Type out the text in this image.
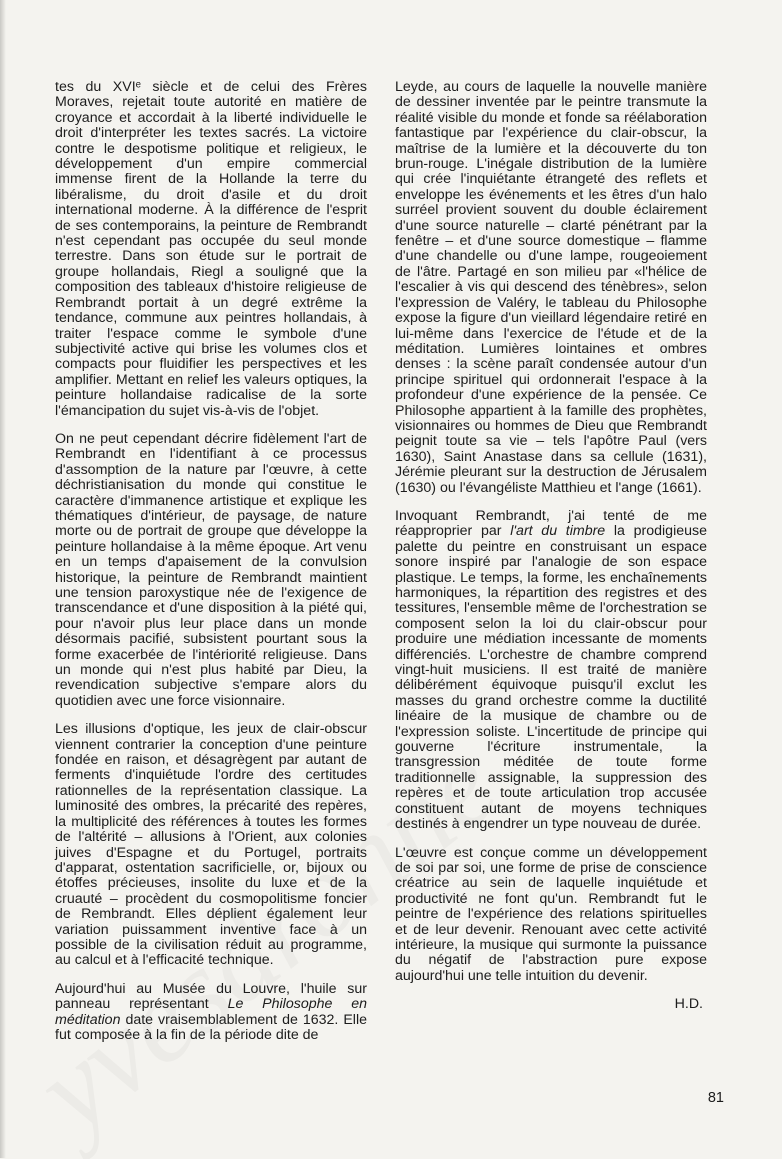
tes du XVIᵉ siècle et de celui des Frères Moraves, rejetait toute autorité en matière de croyance et accordait à la liberté individuelle le droit d'interpréter les textes sacrés. La victoire contre le despotisme politique et religieux, le développement d'un empire commercial immense firent de la Hollande la terre du libéralisme, du droit d'asile et du droit international moderne. À la différence de l'esprit de ses contemporains, la peinture de Rembrandt n'est cependant pas occupée du seul monde terrestre. Dans son étude sur le portrait de groupe hollandais, Riegl a souligné que la composition des tableaux d'histoire religieuse de Rembrandt portait à un degré extrême la tendance, commune aux peintres hollandais, à traiter l'espace comme le symbole d'une subjectivité active qui brise les volumes clos et compacts pour fluidifier les perspectives et les amplifier. Mettant en relief les valeurs optiques, la peinture hollandaise radicalise de la sorte l'émancipation du sujet vis-à-vis de l'objet.

On ne peut cependant décrire fidèlement l'art de Rembrandt en l'identifiant à ce processus d'assomption de la nature par l'œuvre, à cette déchristianisation du monde qui constitue le caractère d'immanence artistique et explique les thématiques d'intérieur, de paysage, de nature morte ou de portrait de groupe que développe la peinture hollandaise à la même époque. Art venu en un temps d'apaisement de la convulsion historique, la peinture de Rembrandt maintient une tension paroxystique née de l'exigence de transcendance et d'une disposition à la piété qui, pour n'avoir plus leur place dans un monde désormais pacifié, subsistent pourtant sous la forme exacerbée de l'intériorité religieuse. Dans un monde qui n'est plus habité par Dieu, la revendication subjective s'empare alors du quotidien avec une force visionnaire.

Les illusions d'optique, les jeux de clair-obscur viennent contrarier la conception d'une peinture fondée en raison, et désagrègent par autant de ferments d'inquiétude l'ordre des certitudes rationnelles de la représentation classique. La luminosité des ombres, la précarité des repères, la multiplicité des références à toutes les formes de l'altérité – allusions à l'Orient, aux colonies juives d'Espagne et du Portugel, portraits d'apparat, ostentation sacrificielle, or, bijoux ou étoffes précieuses, insolite du luxe et de la cruauté – procèdent du cosmopolitisme foncier de Rembrandt. Elles déplient également leur variation puissamment inventive face à un possible de la civilisation réduit au programme, au calcul et à l'efficacité technique.

Aujourd'hui au Musée du Louvre, l'huile sur panneau représentant Le Philosophe en méditation date vraisemblablement de 1632. Elle fut composée à la fin de la période dite de

Leyde, au cours de laquelle la nouvelle manière de dessiner inventée par le peintre transmute la réalité visible du monde et fonde sa réélaboration fantastique par l'expérience du clair-obscur, la maîtrise de la lumière et la découverte du ton brun-rouge. L'inégale distribution de la lumière qui crée l'inquiétante étrangeté des reflets et enveloppe les événements et les êtres d'un halo surréel provient souvent du double éclairement d'une source naturelle – clarté pénétrant par la fenêtre – et d'une source domestique – flamme d'une chandelle ou d'une lampe, rougeoiement de l'âtre. Partagé en son milieu par «l'hélice de l'escalier à vis qui descend des ténèbres», selon l'expression de Valéry, le tableau du Philosophe expose la figure d'un vieillard légendaire retiré en lui-même dans l'exercice de l'étude et de la méditation. Lumières lointaines et ombres denses : la scène paraît condensée autour d'un principe spirituel qui ordonnerait l'espace à la profondeur d'une expérience de la pensée. Ce Philosophe appartient à la famille des prophètes, visionnaires ou hommes de Dieu que Rembrandt peignit toute sa vie – tels l'apôtre Paul (vers 1630), Saint Anastase dans sa cellule (1631), Jérémie pleurant sur la destruction de Jérusalem (1630) ou l'évangéliste Matthieu et l'ange (1661).

Invoquant Rembrandt, j'ai tenté de me réapproprier par l'art du timbre la prodigieuse palette du peintre en construisant un espace sonore inspiré par l'analogie de son espace plastique. Le temps, la forme, les enchaînements harmoniques, la répartition des registres et des tessitures, l'ensemble même de l'orchestration se composent selon la loi du clair-obscur pour produire une médiation incessante de moments différenciés. L'orchestre de chambre comprend vingt-huit musiciens. Il est traité de manière délibérément équivoque puisqu'il exclut les masses du grand orchestre comme la ductilité linéaire de la musique de chambre ou de l'expression soliste. L'incertitude de principe qui gouverne l'écriture instrumentale, la transgression méditée de toute forme traditionnelle assignable, la suppression des repères et de toute articulation trop accusée constituent autant de moyens techniques destinés à engendrer un type nouveau de durée.

L'œuvre est conçue comme un développement de soi par soi, une forme de prise de conscience créatrice au sein de laquelle inquiétude et productivité ne font qu'un. Rembrandt fut le peintre de l'expérience des relations spirituelles et de leur devenir. Renouant avec cette activité intérieure, la musique qui surmonte la puissance du négatif de l'abstraction pure expose aujourd'hui une telle intuition du devenir.

H.D.
81
